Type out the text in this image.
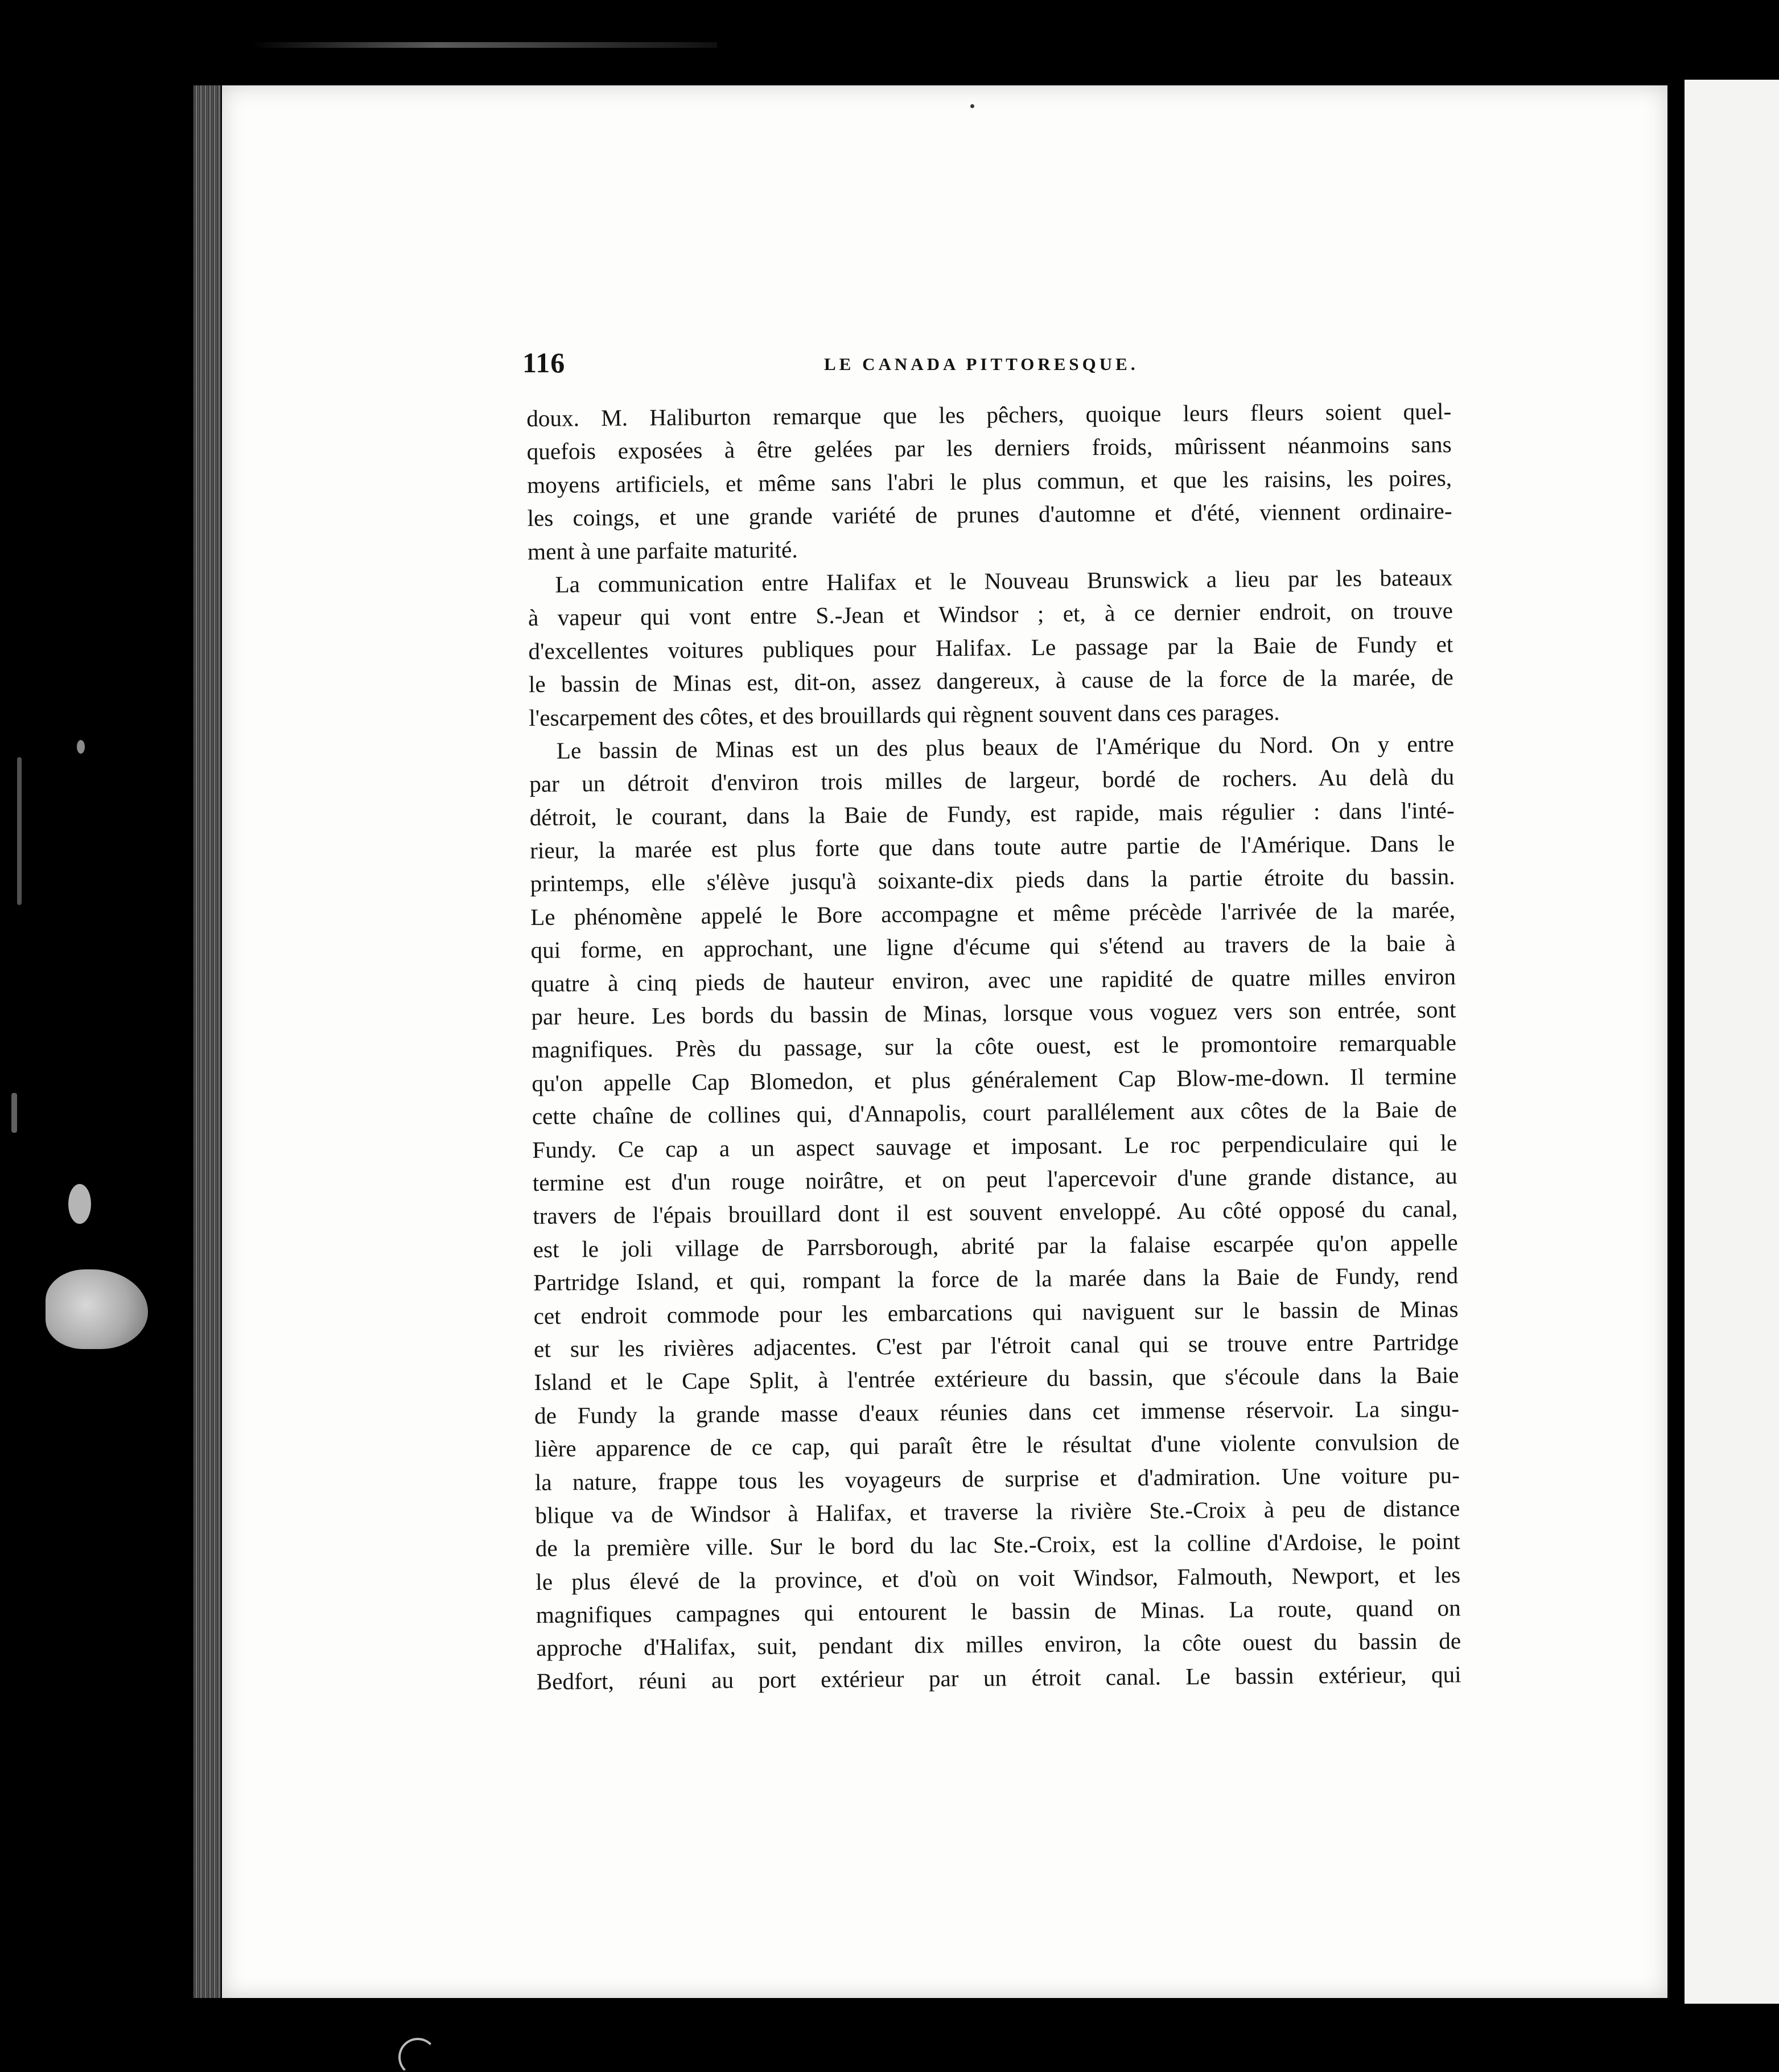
116	LE CANADA PITTORESQUE.
doux. M. Haliburton remarque que les pêchers, quoique leurs fleurs soient quel-
quefois exposées à être gelées par les derniers froids, mûrissent néanmoins sans
moyens artificiels, et même sans l'abri le plus commun, et que les raisins, les poires,
les coings, et une grande variété de prunes d'automne et d'été, viennent ordinaire-
ment à une parfaite maturité.
La communication entre Halifax et le Nouveau Brunswick a lieu par les bateaux
à vapeur qui vont entre S.-Jean et Windsor ; et, à ce dernier endroit, on trouve
d'excellentes voitures publiques pour Halifax. Le passage par la Baie de Fundy et
le bassin de Minas est, dit-on, assez dangereux, à cause de la force de la marée, de
l'escarpement des côtes, et des brouillards qui règnent souvent dans ces parages.
Le bassin de Minas est un des plus beaux de l'Amérique du Nord. On y entre
par un détroit d'environ trois milles de largeur, bordé de rochers. Au delà du
détroit, le courant, dans la Baie de Fundy, est rapide, mais régulier : dans l'inté-
rieur, la marée est plus forte que dans toute autre partie de l'Amérique. Dans le
printemps, elle s'élève jusqu'à soixante-dix pieds dans la partie étroite du bassin.
Le phénomène appelé le Bore accompagne et même précède l'arrivée de la marée,
qui forme, en approchant, une ligne d'écume qui s'étend au travers de la baie à
quatre à cinq pieds de hauteur environ, avec une rapidité de quatre milles environ
par heure. Les bords du bassin de Minas, lorsque vous voguez vers son entrée, sont
magnifiques. Près du passage, sur la côte ouest, est le promontoire remarquable
qu'on appelle Cap Blomedon, et plus généralement Cap Blow-me-down. Il termine
cette chaîne de collines qui, d'Annapolis, court parallélement aux côtes de la Baie de
Fundy. Ce cap a un aspect sauvage et imposant. Le roc perpendiculaire qui le
termine est d'un rouge noirâtre, et on peut l'apercevoir d'une grande distance, au
travers de l'épais brouillard dont il est souvent enveloppé. Au côté opposé du canal,
est le joli village de Parrsborough, abrité par la falaise escarpée qu'on appelle
Partridge Island, et qui, rompant la force de la marée dans la Baie de Fundy, rend
cet endroit commode pour les embarcations qui naviguent sur le bassin de Minas
et sur les rivières adjacentes. C'est par l'étroit canal qui se trouve entre Partridge
Island et le Cape Split, à l'entrée extérieure du bassin, que s'écoule dans la Baie
de Fundy la grande masse d'eaux réunies dans cet immense réservoir. La singu-
lière apparence de ce cap, qui paraît être le résultat d'une violente convulsion de
la nature, frappe tous les voyageurs de surprise et d'admiration. Une voiture pu-
blique va de Windsor à Halifax, et traverse la rivière Ste.-Croix à peu de distance
de la première ville. Sur le bord du lac Ste.-Croix, est la colline d'Ardoise, le point
le plus élevé de la province, et d'où on voit Windsor, Falmouth, Newport, et les
magnifiques campagnes qui entourent le bassin de Minas. La route, quand on
approche d'Halifax, suit, pendant dix milles environ, la côte ouest du bassin de
Bedfort, réuni au port extérieur par un étroit canal. Le bassin extérieur, qui
